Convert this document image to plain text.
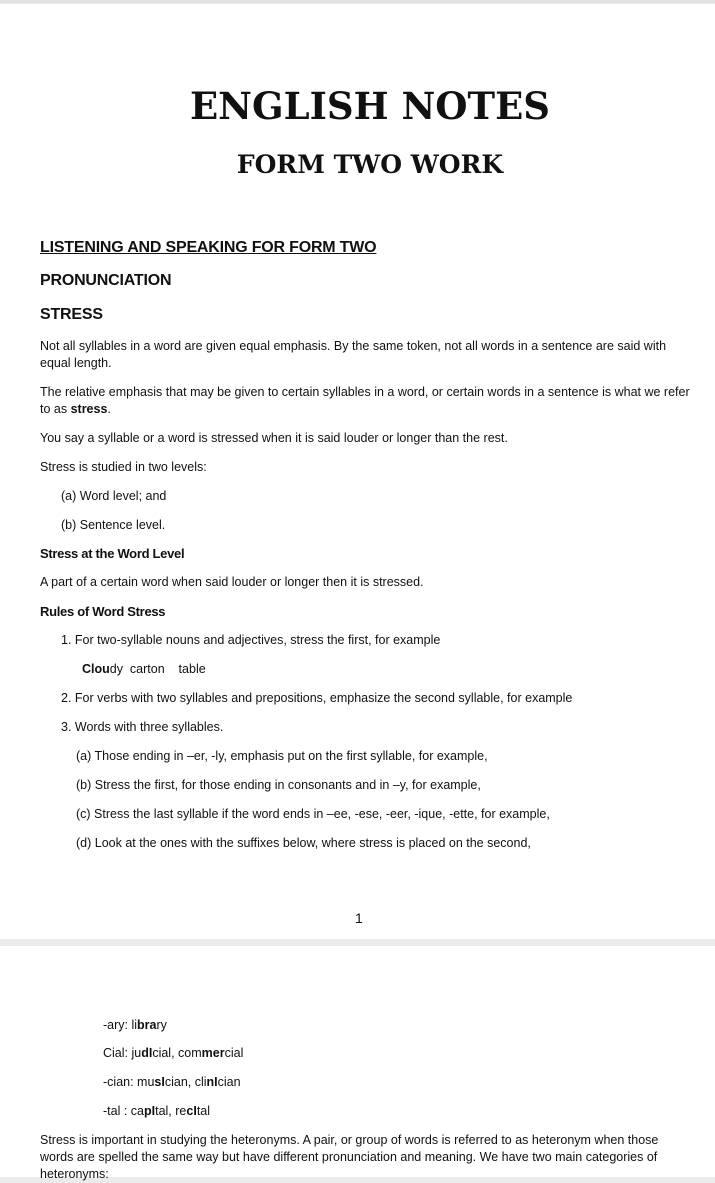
ENGLISH NOTES
FORM TWO WORK
LISTENING AND SPEAKING FOR FORM TWO
PRONUNCIATION
STRESS
Not all syllables in a word are given equal emphasis. By the same token, not all words in a sentence are said with equal length.
The relative emphasis that may be given to certain syllables in a word, or certain words in a sentence is what we refer to as stress.
You say a syllable or a word is stressed when it is said louder or longer than the rest.
Stress is studied in two levels:
(a) Word level; and
(b) Sentence level.
Stress at the Word Level
A part of a certain word when said louder or longer then it is stressed.
Rules of Word Stress
1. For two-syllable nouns and adjectives, stress the first, for example
Cloudy  carton    table
2. For verbs with two syllables and prepositions, emphasize the second syllable, for example
3. Words with three syllables.
(a) Those ending in –er, -ly, emphasis put on the first syllable, for example,
(b) Stress the first, for those ending in consonants and in –y, for example,
(c) Stress the last syllable if the word ends in –ee, -ese, -eer, -ique, -ette, for example,
(d) Look at the ones with the suffixes below, where stress is placed on the second,
1
-ary: library
Cial: judIcial, commercial
-cian: musIcian, clinIcian
-tal : capItal, recItal
Stress is important in studying the heteronyms. A pair, or group of words is referred to as heteronym when those words are spelled the same way but have different pronunciation and meaning. We have two main categories of heteronyms:
